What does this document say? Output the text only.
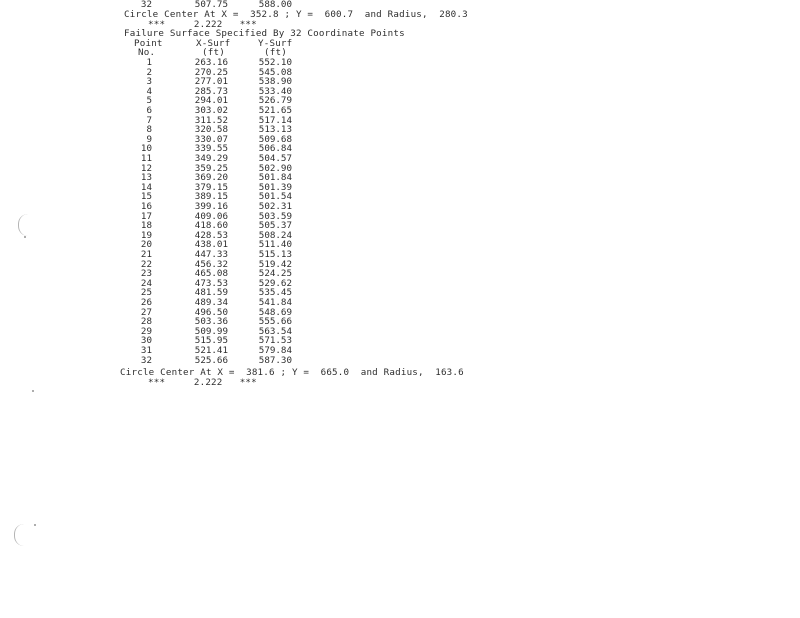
32	507.75	588.00
Circle Center At X =  352.8 ; Y =  600.7  and Radius,  280.3
***     2.222   ***
Failure Surface Specified By 32 Coordinate Points
Point
No.
X-Surf
(ft)
Y-Surf
(ft)
1	263.16	552.10
2	270.25	545.08
3	277.01	538.90
4	285.73	533.40
5	294.01	526.79
6	303.02	521.65
7	311.52	517.14
8	320.58	513.13
9	330.07	509.68
10	339.55	506.84
11	349.29	504.57
12	359.25	502.90
13	369.20	501.84
14	379.15	501.39
15	389.15	501.54
16	399.16	502.31
17	409.06	503.59
18	418.60	505.37
19	428.53	508.24
20	438.01	511.40
21	447.33	515.13
22	456.32	519.42
23	465.08	524.25
24	473.53	529.62
25	481.59	535.45
26	489.34	541.84
27	496.50	548.69
28	503.36	555.66
29	509.99	563.54
30	515.95	571.53
31	521.41	579.84
32	525.66	587.30
Circle Center At X =  381.6 ; Y =  665.0  and Radius,  163.6
***     2.222   ***
